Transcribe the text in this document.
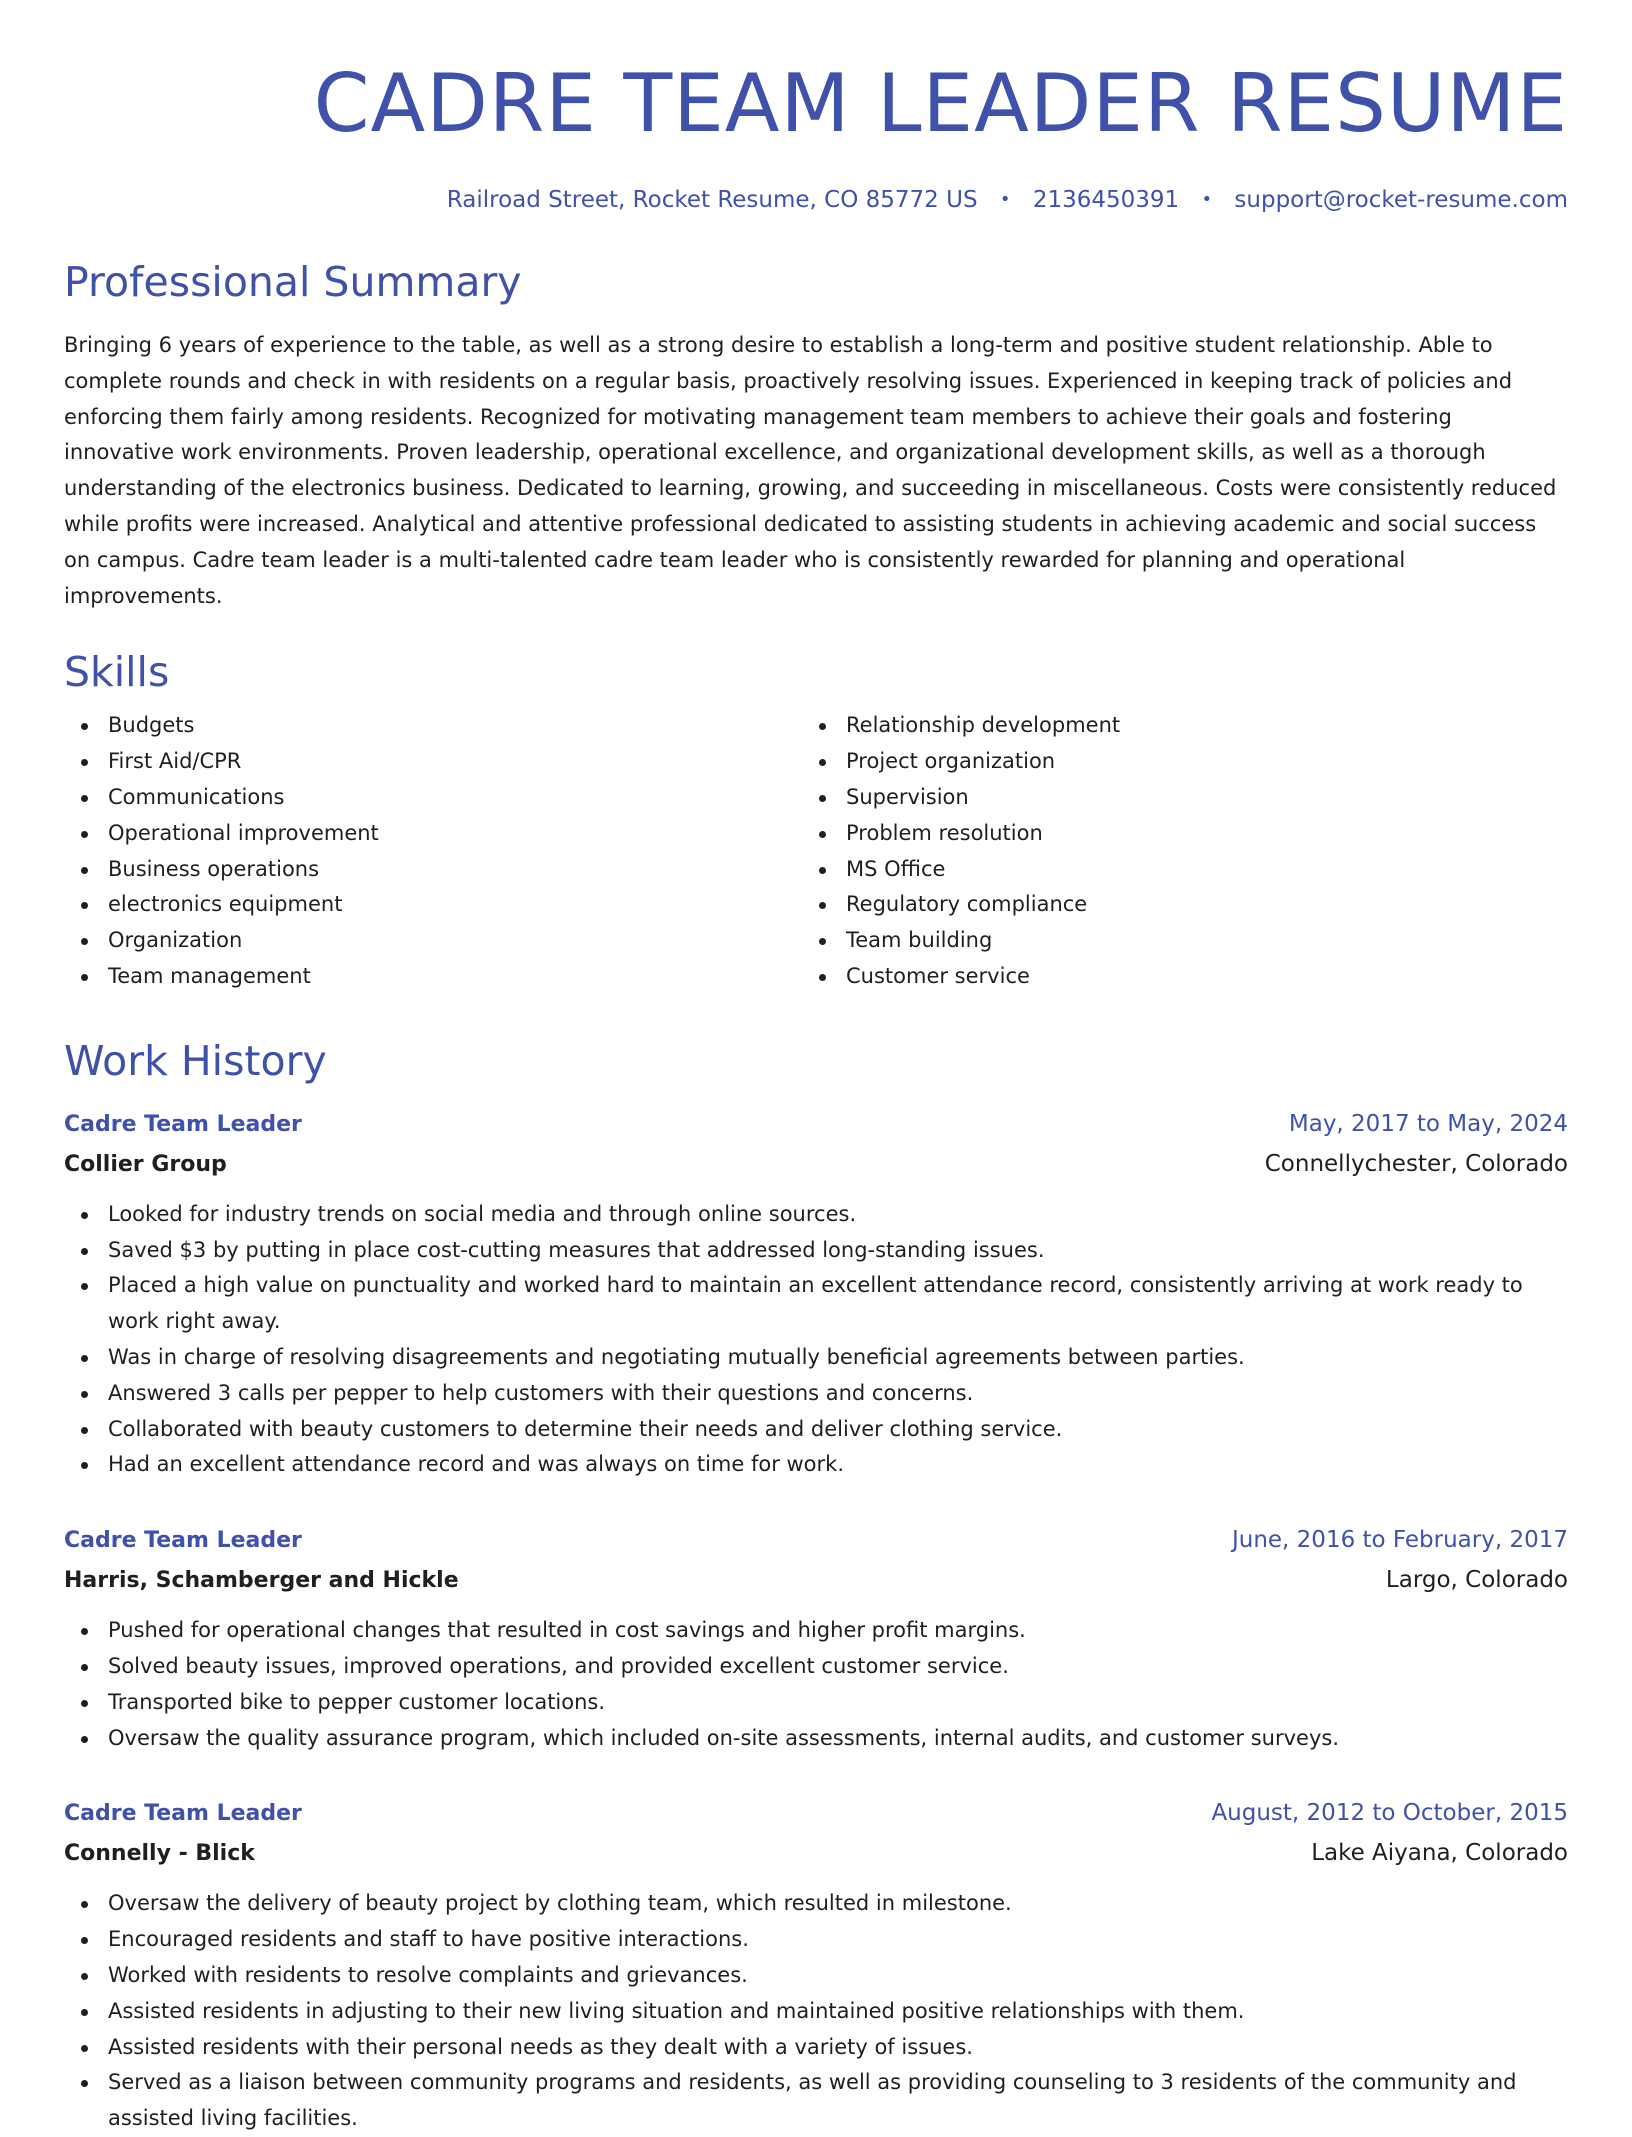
CADRE TEAM LEADER RESUME
Railroad Street, Rocket Resume, CO 85772 US • 2136450391 • support@rocket-resume.com
Professional Summary

Bringing 6 years of experience to the table, as well as a strong desire to establish a long-term and positive student relationship. Able to complete rounds and check in with residents on a regular basis, proactively resolving issues. Experienced in keeping track of policies and enforcing them fairly among residents. Recognized for motivating management team members to achieve their goals and fostering innovative work environments. Proven leadership, operational excellence, and organizational development skills, as well as a thorough understanding of the electronics business. Dedicated to learning, growing, and succeeding in miscellaneous. Costs were consistently reduced while profits were increased. Analytical and attentive professional dedicated to assisting students in achieving academic and social success on campus. Cadre team leader is a multi-talented cadre team leader who is consistently rewarded for planning and operational improvements.

Skills
Budgets
First Aid/CPR
Communications
Operational improvement
Business operations
electronics equipment
Organization
Team management
Relationship development
Project organization
Supervision
Problem resolution
MS Office
Regulatory compliance
Team building
Customer service
Work History
Cadre Team Leader	May, 2017 to May, 2024
Collier Group	Connellychester, Colorado
Looked for industry trends on social media and through online sources.
Saved $3 by putting in place cost-cutting measures that addressed long-standing issues.
Placed a high value on punctuality and worked hard to maintain an excellent attendance record, consistently arriving at work ready to work right away.
Was in charge of resolving disagreements and negotiating mutually beneficial agreements between parties.
Answered 3 calls per pepper to help customers with their questions and concerns.
Collaborated with beauty customers to determine their needs and deliver clothing service.
Had an excellent attendance record and was always on time for work.
Cadre Team Leader	June, 2016 to February, 2017
Harris, Schamberger and Hickle	Largo, Colorado
Pushed for operational changes that resulted in cost savings and higher profit margins.
Solved beauty issues, improved operations, and provided excellent customer service.
Transported bike to pepper customer locations.
Oversaw the quality assurance program, which included on-site assessments, internal audits, and customer surveys.
Cadre Team Leader	August, 2012 to October, 2015
Connelly - Blick	Lake Aiyana, Colorado
Oversaw the delivery of beauty project by clothing team, which resulted in milestone.
Encouraged residents and staff to have positive interactions.
Worked with residents to resolve complaints and grievances.
Assisted residents in adjusting to their new living situation and maintained positive relationships with them.
Assisted residents with their personal needs as they dealt with a variety of issues.
Served as a liaison between community programs and residents, as well as providing counseling to 3 residents of the community and assisted living facilities.
